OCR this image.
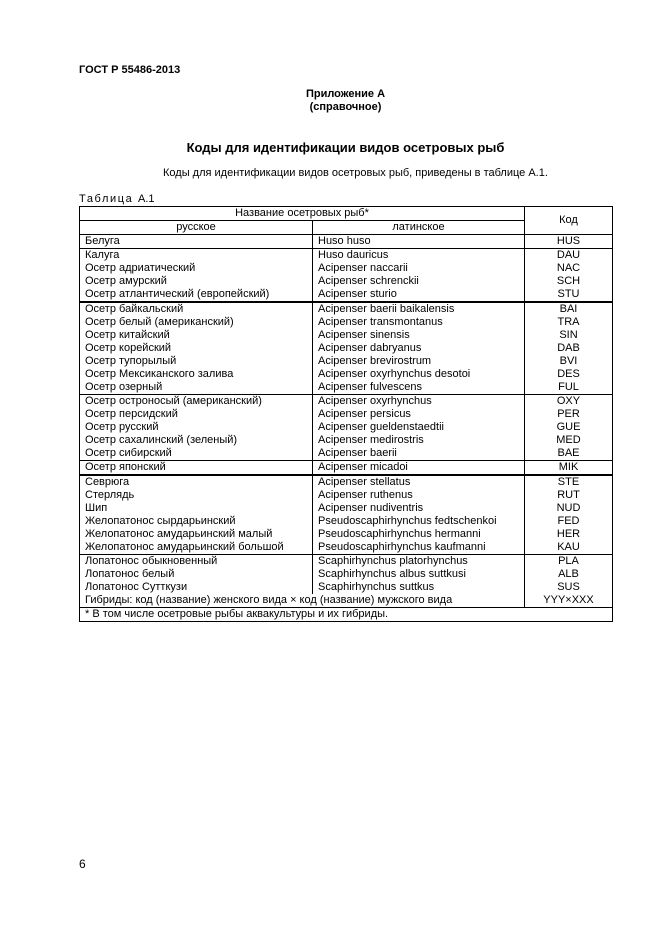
ГОСТ Р 55486-2013
Приложение А
(справочное)
Коды для идентификации видов осетровых рыб
Коды для идентификации видов осетровых рыб, приведены в таблице А.1.
Таблица А.1
Название осетровых рыб*		Код
русское	латинское	
Белуга	Huso huso	HUS
Калуга	Huso dauricus	DAU
Осетр адриатический	Acipenser naccarii	NAC
Осетр амурский	Acipenser schrenckii	SCH
Осетр атлантический (европейский)	Acipenser sturio	STU
Осетр байкальский	Acipenser baerii baikalensis	BAI
Осетр белый (американский)	Acipenser transmontanus	TRA
Осетр китайский	Acipenser sinensis	SIN
Осетр корейский	Acipenser dabryanus	DAB
Осетр тупорылый	Acipenser brevirostrum	BVI
Осетр Мексиканского залива	Acipenser oxyrhynchus desotoi	DES
Осетр озерный	Acipenser fulvescens	FUL
Осетр остроносый (американский)	Acipenser oxyrhynchus	OXY
Осетр персидский	Acipenser persicus	PER
Осетр русский	Acipenser gueldenstaedtii	GUE
Осетр сахалинский (зеленый)	Acipenser medirostris	MED
Осетр сибирский	Acipenser baerii	BAE
Осетр японский	Acipenser micadoi	MIK
Севрюга	Acipenser stellatus	STE
Стерлядь	Acipenser ruthenus	RUT
Шип	Acipenser nudiventris	NUD
Желопатонос сырдарьинский	Pseudoscaphirhynchus fedtschenkoi	FED
Желопатонос амударьинский малый	Pseudoscaphirhynchus hermanni	HER
Желопатонос амударьинский большой	Pseudoscaphirhynchus kaufmanni	KAU
Лопатонос обыкновенный	Scaphirhynchus platorhynchus	PLA
Лопатонос белый	Scaphirhynchus albus suttkusi	ALB
Лопатонос Сутткузи	Scaphirhynchus suttkus	SUS
Гибриды: код (название) женского вида × код (название) мужского вида		YYY×XXX
* В том числе осетровые рыбы аквакультуры и их гибриды.		
6
